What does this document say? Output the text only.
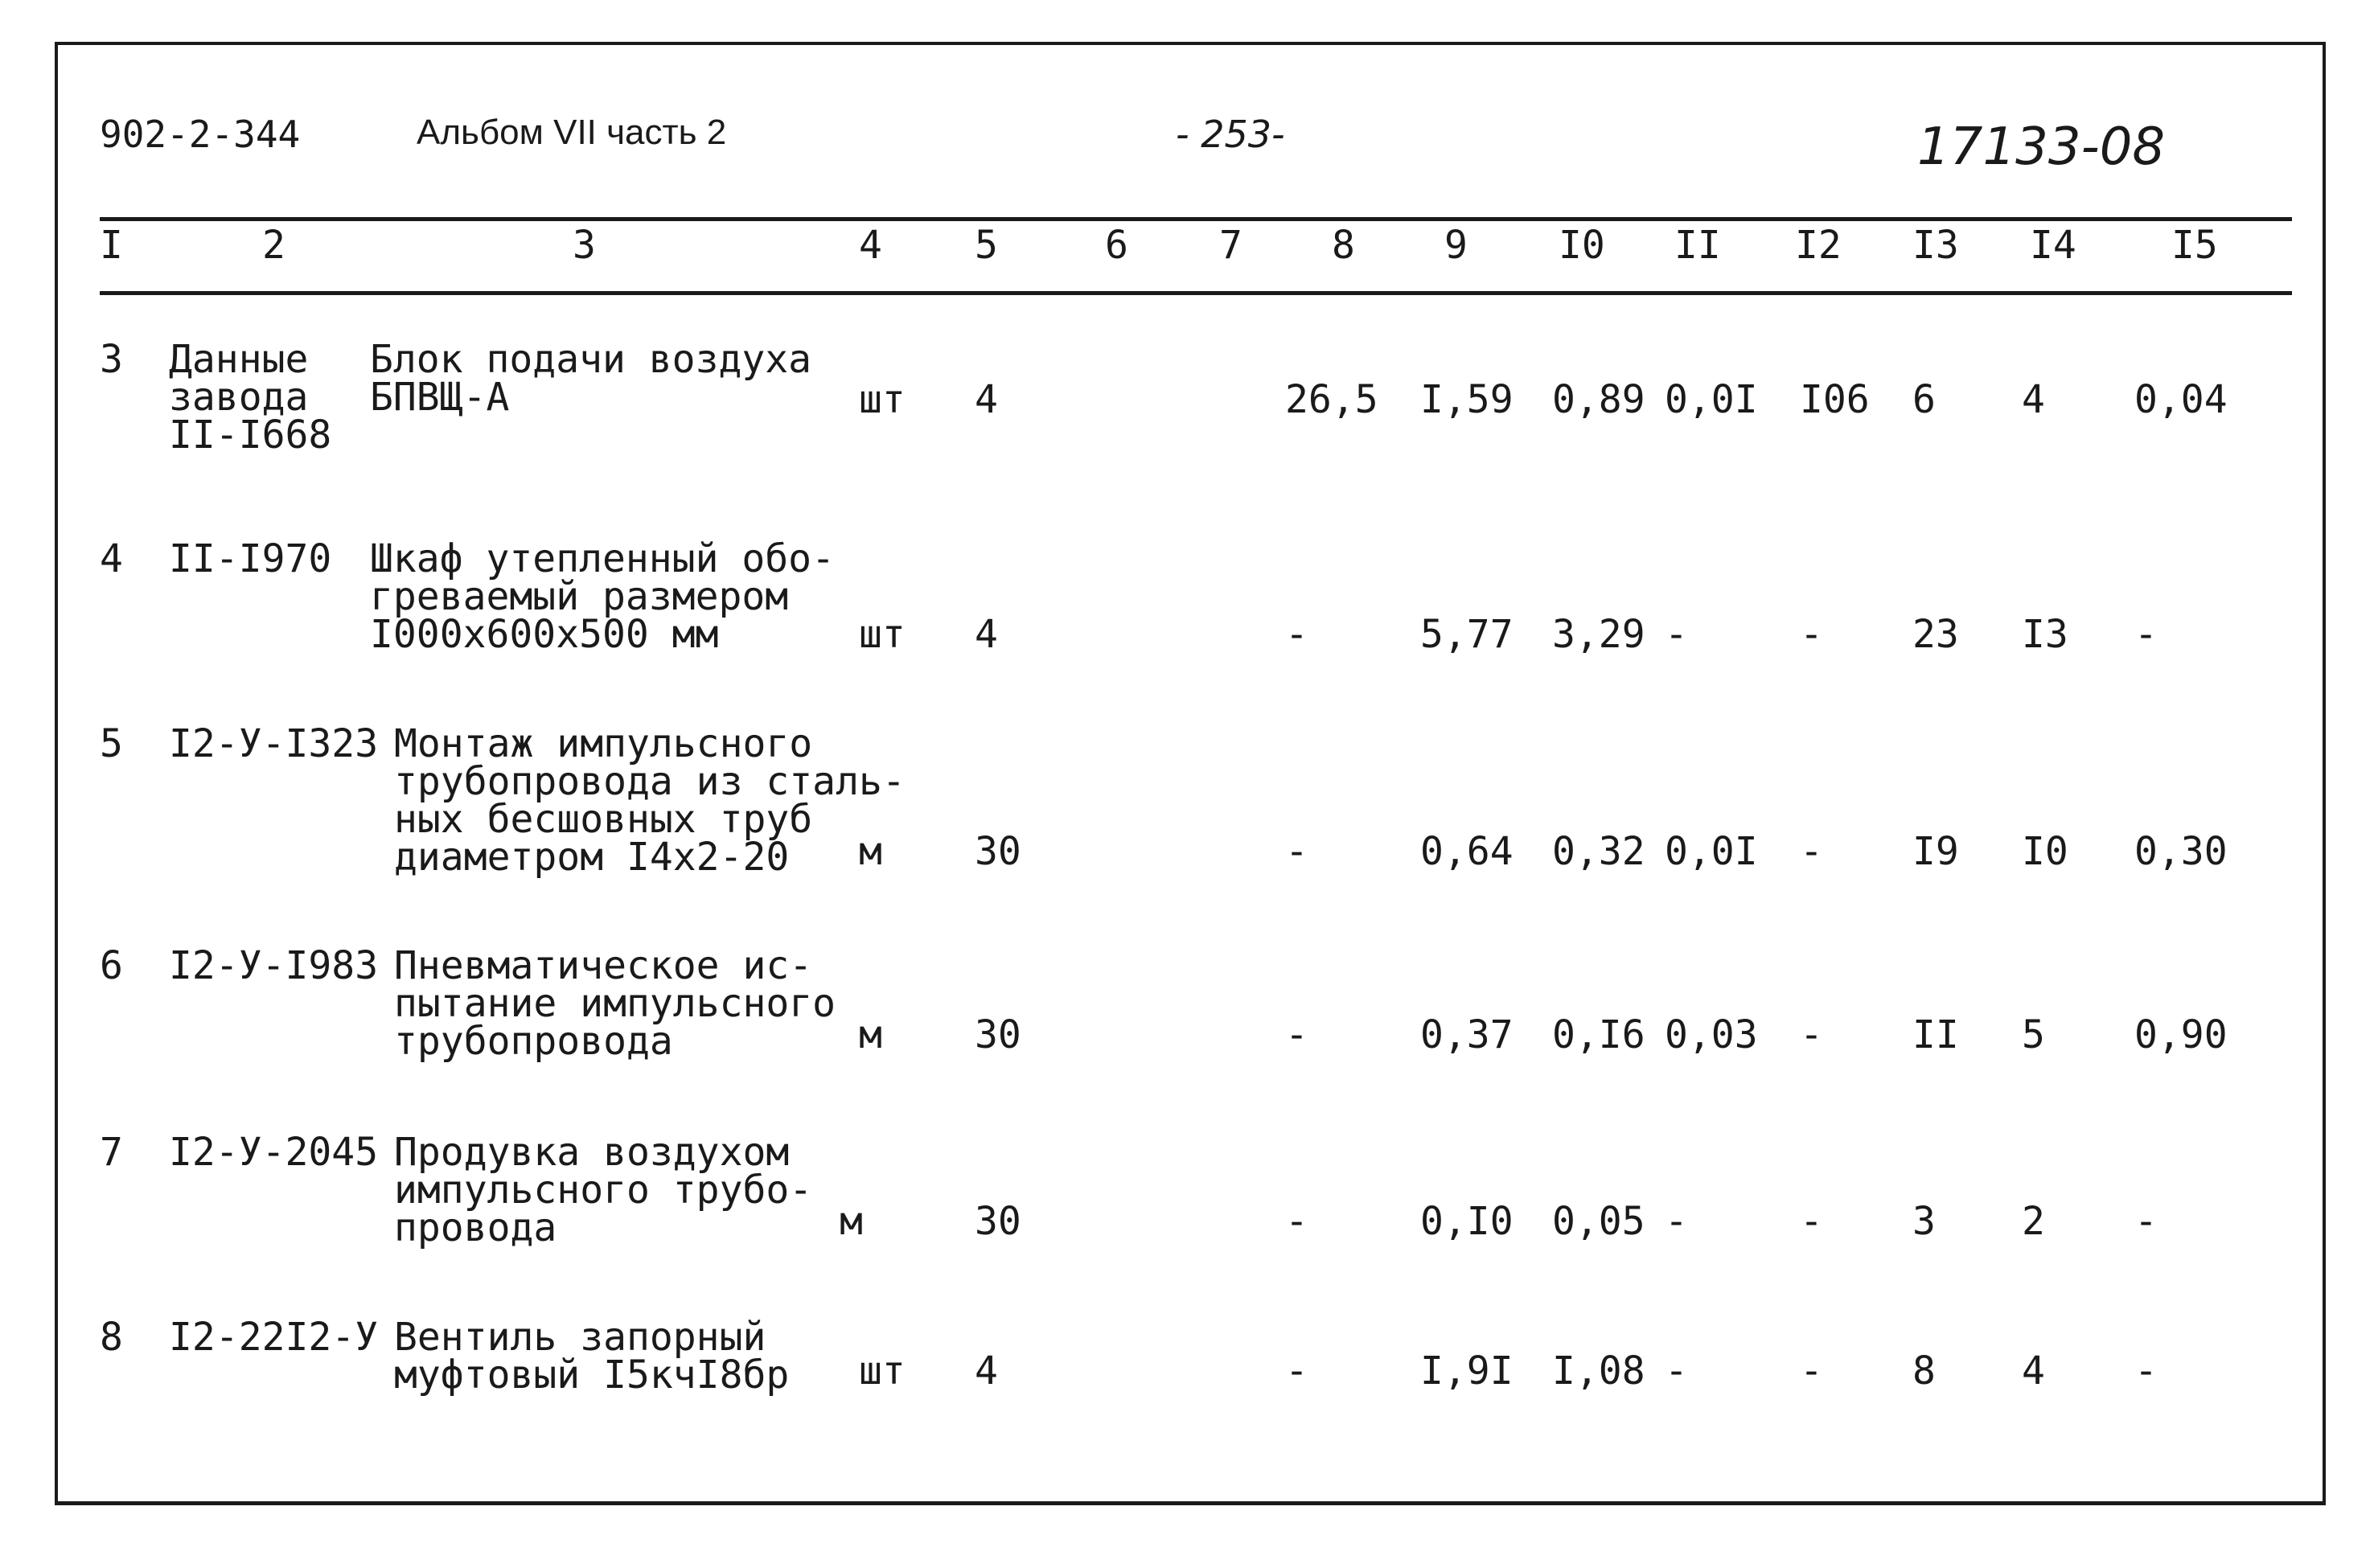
902-2-344	Альбом VII часть 2	- 253-	17133-08
I	2	3	4 5	6 7 8 9 I0 II I2 I3 I4 I5
3 Данные
завода
II-I668
Блок подачи воздуха
БПВЩ-А	шт 4	26,5 I,59 0,89 0,0I I06 6 4 0,04
4 II-I970 Шкаф утепленный обо-
греваемый размером
I000x600x500 мм	шт 4	-	5,77 3,29 -	- 23 I3 -
5 I2-У-I323 Монтаж импульсного
трубопровода из сталь-
ных бесшовных труб
диаметром I4x2-20	м 30	-	0,64 0,32 0,0I - I9 I0 0,30
6 I2-У-I983 Пневматическое ис-
пытание импульсного
трубопровода	м 30	-	0,37 0,I6 0,03 - II 5 0,90
7 I2-У-2045 Продувка воздухом
импульсного трубо-
провода	м	30	-	0,I0 0,05 -	- 3 2 -
8 I2-22I2-У Вентиль запорный
муфтовый I5кчI8бр шт 4	-	I,9I I,08 -	- 8 4 -
